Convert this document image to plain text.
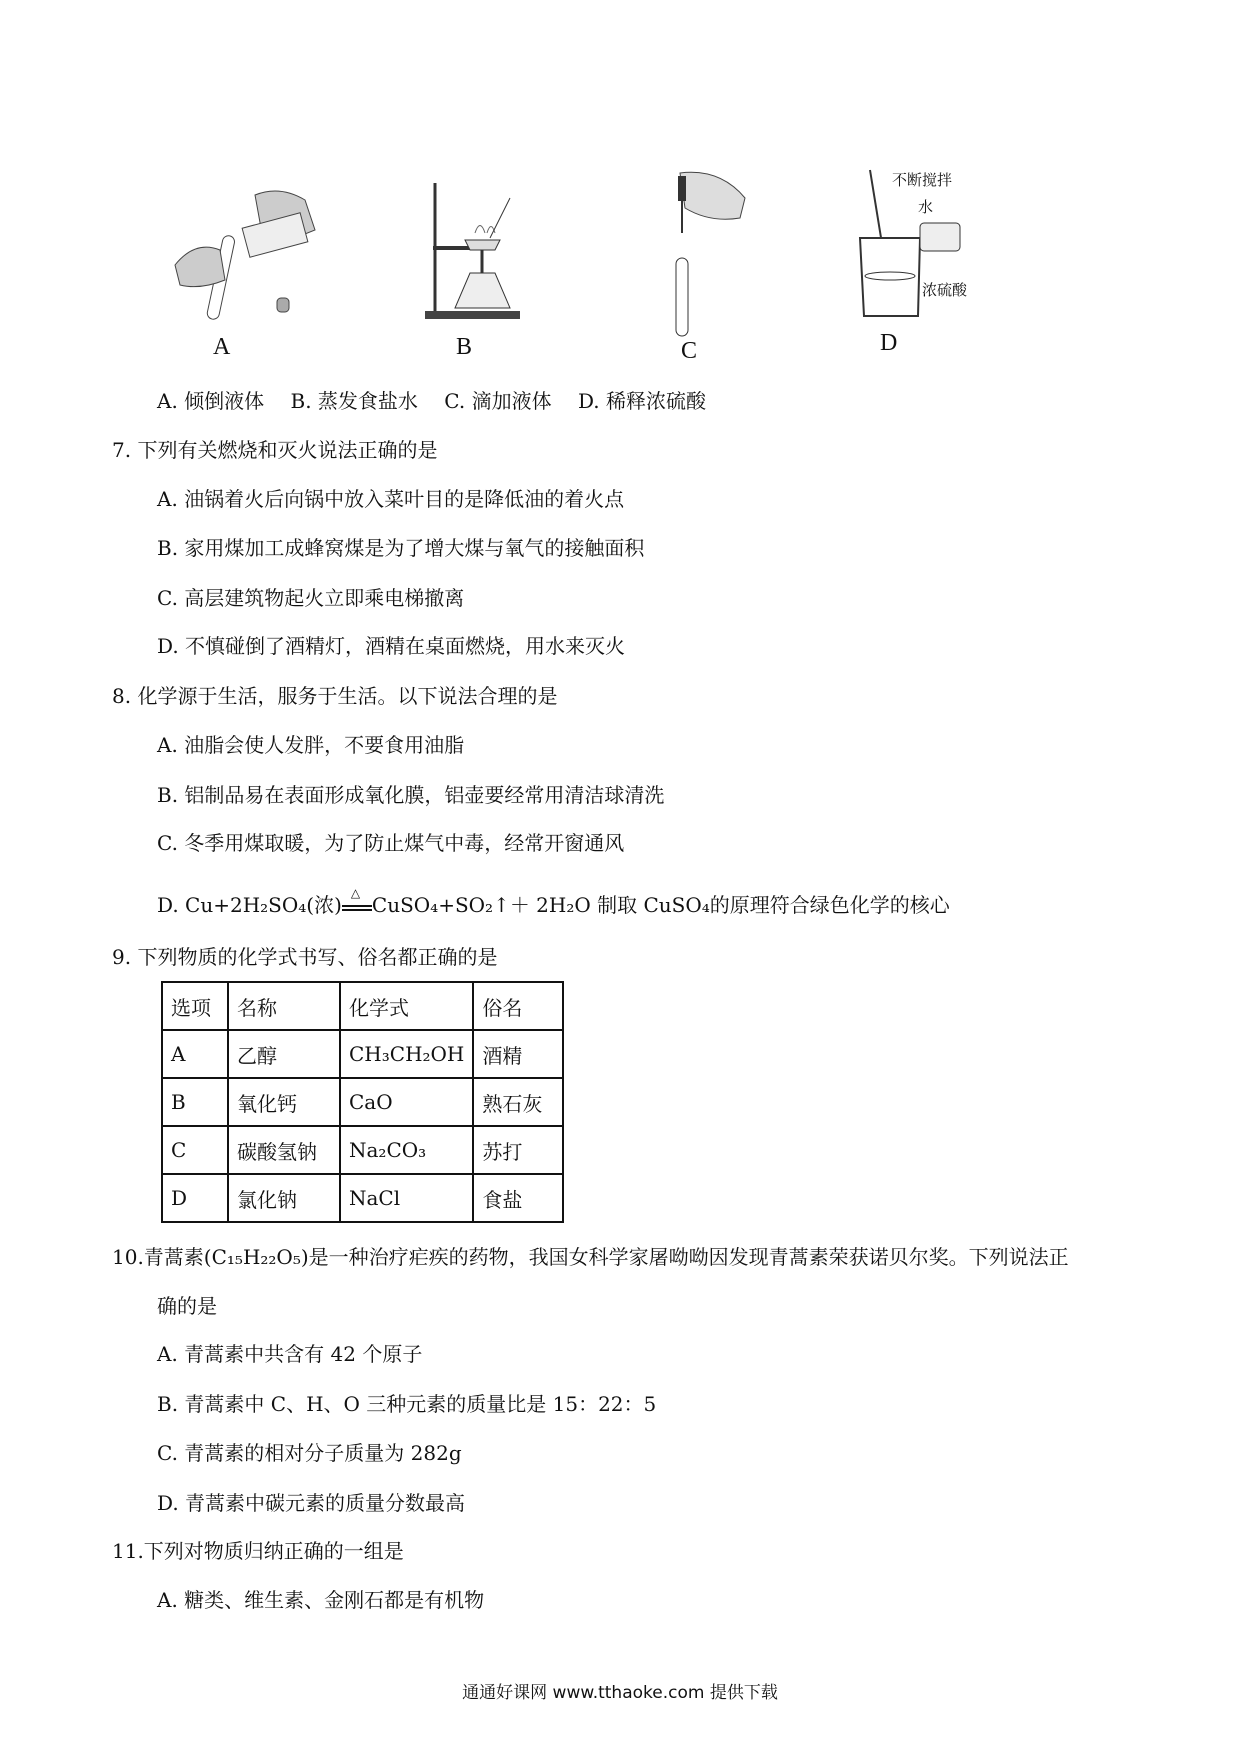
A	B	C
不断搅拌
水
浓硫酸
D
A. 倾倒液体　 B. 蒸发食盐水　 C. 滴加液体　 D. 稀释浓硫酸
7. 下列有关燃烧和灭火说法正确的是
A. 油锅着火后向锅中放入菜叶目的是降低油的着火点
B. 家用煤加工成蜂窝煤是为了增大煤与氧气的接触面积
C. 高层建筑物起火立即乘电梯撤离
D. 不慎碰倒了酒精灯，酒精在桌面燃烧，用水来灭火
8. 化学源于生活，服务于生活。以下说法合理的是
A. 油脂会使人发胖，不要食用油脂
B. 铝制品易在表面形成氧化膜，铝壶要经常用清洁球清洗
C. 冬季用煤取暖，为了防止煤气中毒，经常开窗通风
D. Cu+2H₂SO₄(浓) △ CuSO₄+SO₂↑＋ 2H₂O 制取 CuSO₄的原理符合绿色化学的核心
9. 下列物质的化学式书写、俗名都正确的是
选项	名称	化学式	俗名
A	乙醇	CH₃CH₂OH	酒精
B	氧化钙	CaO	熟石灰
C	碳酸氢钠	Na₂CO₃	苏打
D	氯化钠	NaCl	食盐
10.青蒿素(C₁₅H₂₂O₅)是一种治疗疟疾的药物，我国女科学家屠呦呦因发现青蒿素荣获诺贝尔奖。下列说法正
确的是
A. 青蒿素中共含有 42 个原子
B. 青蒿素中 C、H、O 三种元素的质量比是 15：22：5
C. 青蒿素的相对分子质量为 282g
D. 青蒿素中碳元素的质量分数最高
11.下列对物质归纳正确的一组是
A. 糖类、维生素、金刚石都是有机物
通通好课网 www.tthaoke.com 提供下载
